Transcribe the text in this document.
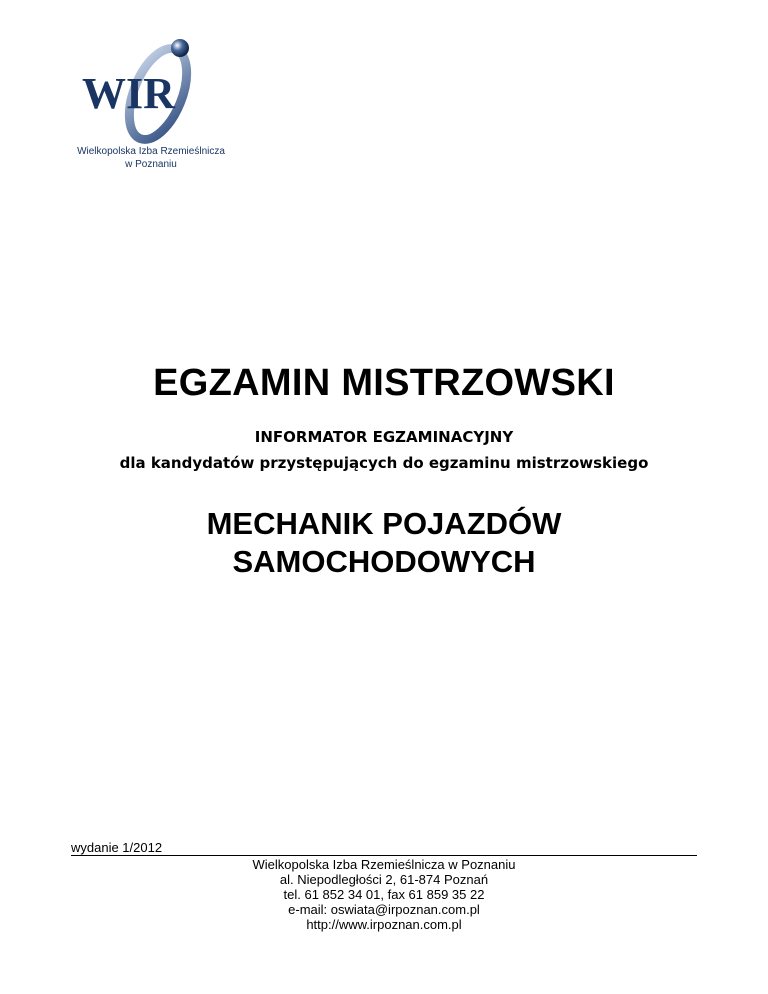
WIR
Wielkopolska Izba Rzemieślnicza
w Poznaniu
EGZAMIN MISTRZOWSKI
INFORMATOR EGZAMINACYJNY
dla kandydatów przystępujących do egzaminu mistrzowskiego
MECHANIK POJAZDÓW
SAMOCHODOWYCH
wydanie 1/2012
Wielkopolska Izba Rzemieślnicza w Poznaniu
al. Niepodległości 2, 61-874 Poznań
tel. 61 852 34 01, fax 61 859 35 22
e-mail: oswiata@irpoznan.com.pl
http://www.irpoznan.com.pl
